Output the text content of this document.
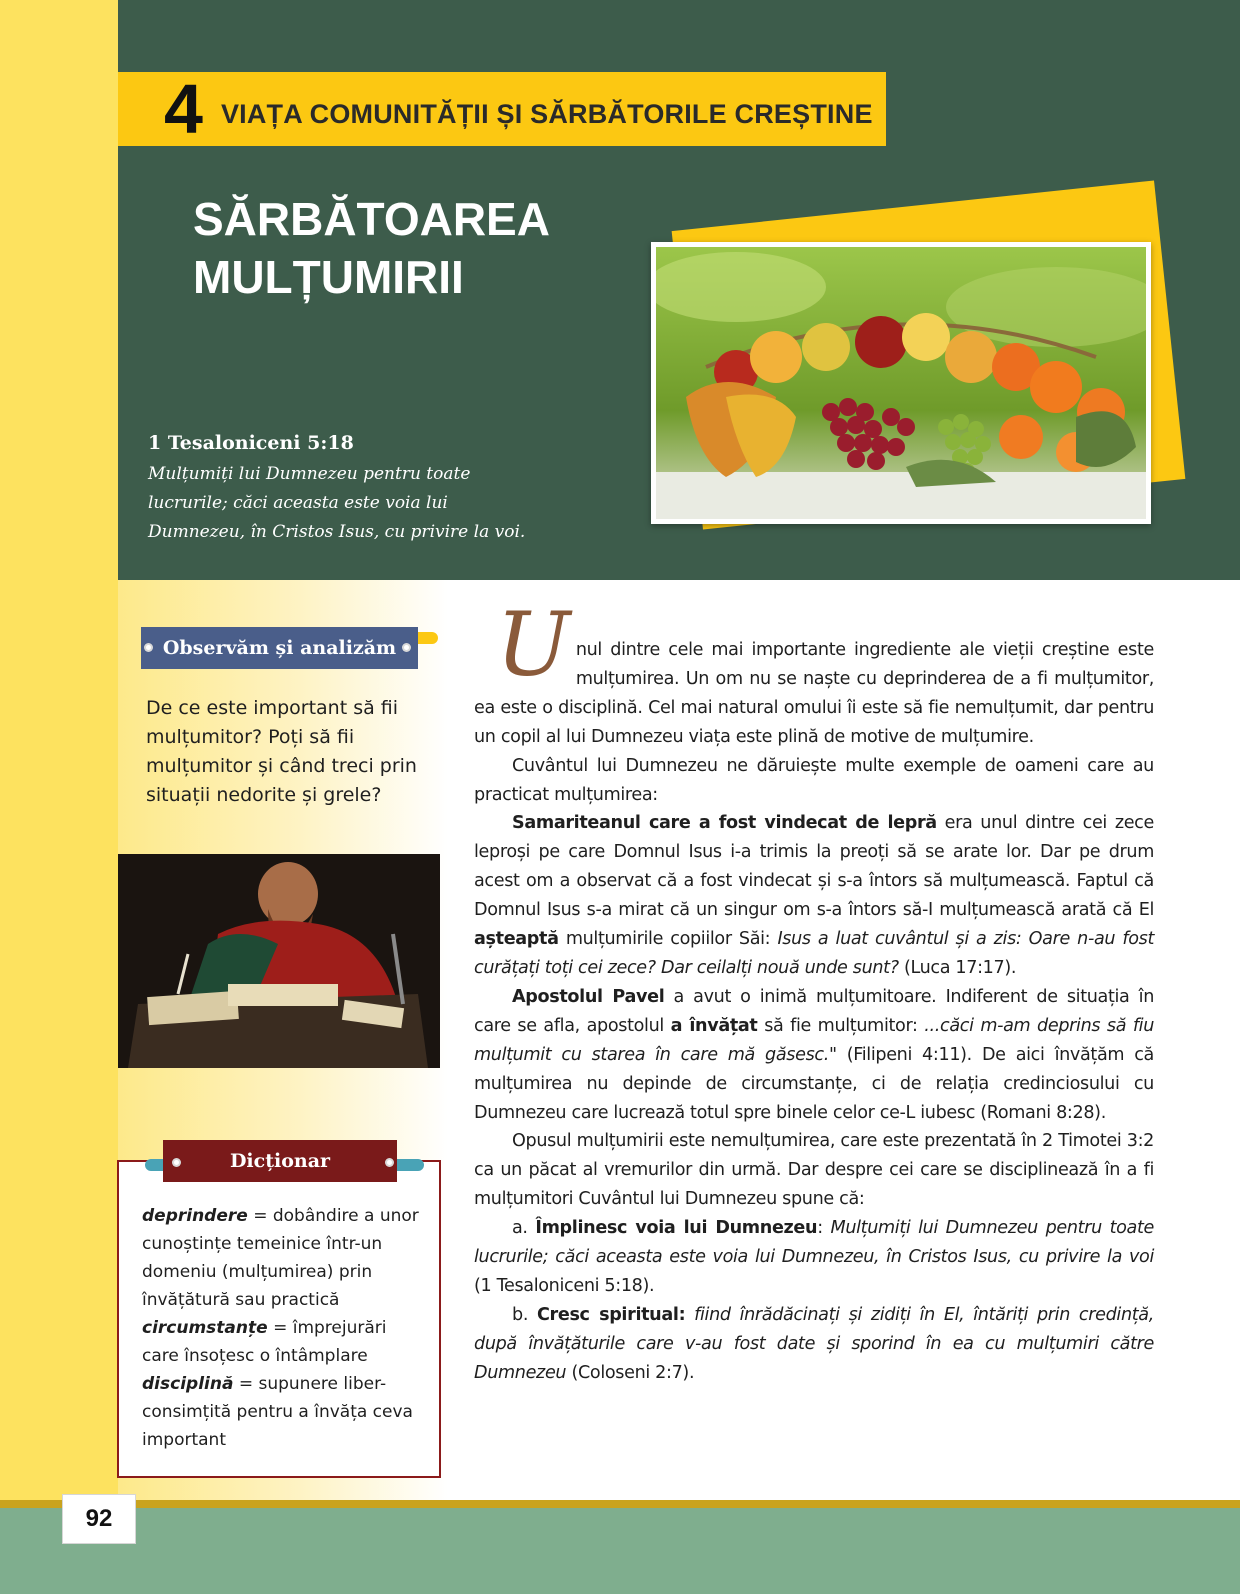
4 VIAȚA COMUNITĂȚII ȘI SĂRBĂTORILE CREȘTINE
SĂRBĂTOAREA
MULȚUMIRII
1 Tesaloniceni 5:18
Mulțumiți lui Dumnezeu pentru toate
lucrurile; căci aceasta este voia lui
Dumnezeu, în Cristos Isus, cu privire la voi.
Observăm și analizăm
De ce este important să fii mulțumitor? Poți să fii mulțumitor și când treci prin situații nedorite și grele?
deprindere = dobândire a unor cunoștințe temeinice într-un domeniu (mulțumirea) prin învățătură sau practică
circumstanțe = împrejurări care însoțesc o întâmplare
disciplină = supunere liber-consimțită pentru a învăța ceva important
Dicționar

U nul dintre cele mai importante ingrediente ale vieții creștine este mulțumirea. Un om nu se naște cu deprinderea de a fi mulțumitor, ea este o disciplină. Cel mai natural omului îi este să fie nemulțumit, dar pentru un copil al lui Dumnezeu viața este plină de motive de mulțumire.

Cuvântul lui Dumnezeu ne dăruiește multe exemple de oameni care au practicat mulțumirea:

Samariteanul care a fost vindecat de lepră era unul dintre cei zece leproși pe care Domnul Isus i-a trimis la preoți să se arate lor. Dar pe drum acest om a observat că a fost vindecat și s-a întors să mulțumească. Faptul că Domnul Isus s-a mirat că un singur om s-a întors să-I mulțumească arată că El așteaptă mulțumirile copiilor Săi: Isus a luat cuvântul și a zis: Oare n-au fost curățați toți cei zece? Dar ceilalți nouă unde sunt? (Luca 17:17).

Apostolul Pavel a avut o inimă mulțumitoare. Indiferent de situația în care se afla, apostolul a învățat să fie mulțumitor: ...căci m-am deprins să fiu mulțumit cu starea în care mă găsesc." (Filipeni 4:11). De aici învățăm că mulțumirea nu depinde de circumstanțe, ci de relația credinciosului cu Dumnezeu care lucrează totul spre binele celor ce-L iubesc (Romani 8:28).

Opusul mulțumirii este nemulțumirea, care este prezentată în 2 Timotei 3:2 ca un păcat al vremurilor din urmă. Dar despre cei care se disciplinează în a fi mulțumitori Cuvântul lui Dumnezeu spune că:

a. Împlinesc voia lui Dumnezeu: Mulțumiți lui Dumnezeu pentru toate lucrurile; căci aceasta este voia lui Dumnezeu, în Cristos Isus, cu privire la voi (1 Tesaloniceni 5:18).

b. Cresc spiritual: fiind înrădăcinați și zidiți în El, întăriți prin credință, după învățăturile care v-au fost date și sporind în ea cu mulțumiri către Dumnezeu (Coloseni 2:7).

92
